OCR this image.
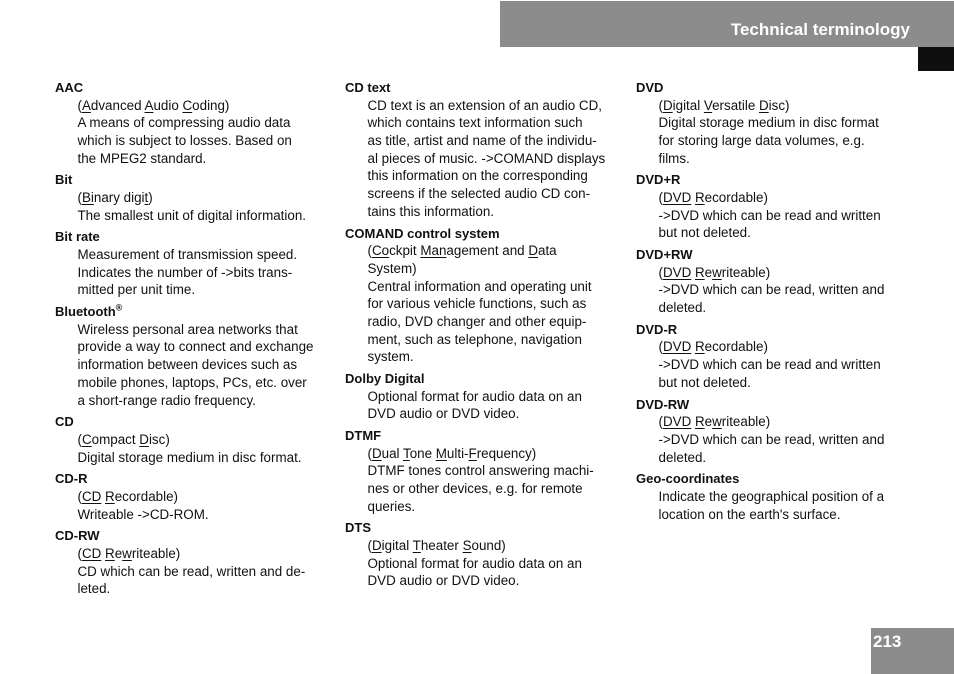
Technical terminology
AAC
(Advanced Audio Coding)
A means of compressing audio data
which is subject to losses. Based on
the MPEG2 standard.
Bit
(Binary digit)
The smallest unit of digital information.
Bit rate
Measurement of transmission speed.
Indicates the number of ->bits trans-
mitted per unit time.
Bluetooth®
Wireless personal area networks that
provide a way to connect and exchange
information between devices such as
mobile phones, laptops, PCs, etc. over
a short-range radio frequency.
CD
(Compact Disc)
Digital storage medium in disc format.
CD-R
(CD Recordable)
Writeable ->CD-ROM.
CD-RW
(CD Rewriteable)
CD which can be read, written and de-
leted.
CD text
CD text is an extension of an audio CD,
which contains text information such
as title, artist and name of the individu-
al pieces of music. ->COMAND displays
this information on the corresponding
screens if the selected audio CD con-
tains this information.
COMAND control system
(Cockpit Management and Data
System)
Central information and operating unit
for various vehicle functions, such as
radio, DVD changer and other equip-
ment, such as telephone, navigation
system.
Dolby Digital
Optional format for audio data on an
DVD audio or DVD video.
DTMF
(Dual Tone Multi-Frequency)
DTMF tones control answering machi-
nes or other devices, e.g. for remote
queries.
DTS
(Digital Theater Sound)
Optional format for audio data on an
DVD audio or DVD video.
DVD
(Digital Versatile Disc)
Digital storage medium in disc format
for storing large data volumes, e.g.
films.
DVD+R
(DVD Recordable)
->DVD which can be read and written
but not deleted.
DVD+RW
(DVD Rewriteable)
->DVD which can be read, written and
deleted.
DVD-R
(DVD Recordable)
->DVD which can be read and written
but not deleted.
DVD-RW
(DVD Rewriteable)
->DVD which can be read, written and
deleted.
Geo-coordinates
Indicate the geographical position of a
location on the earth's surface.
213
